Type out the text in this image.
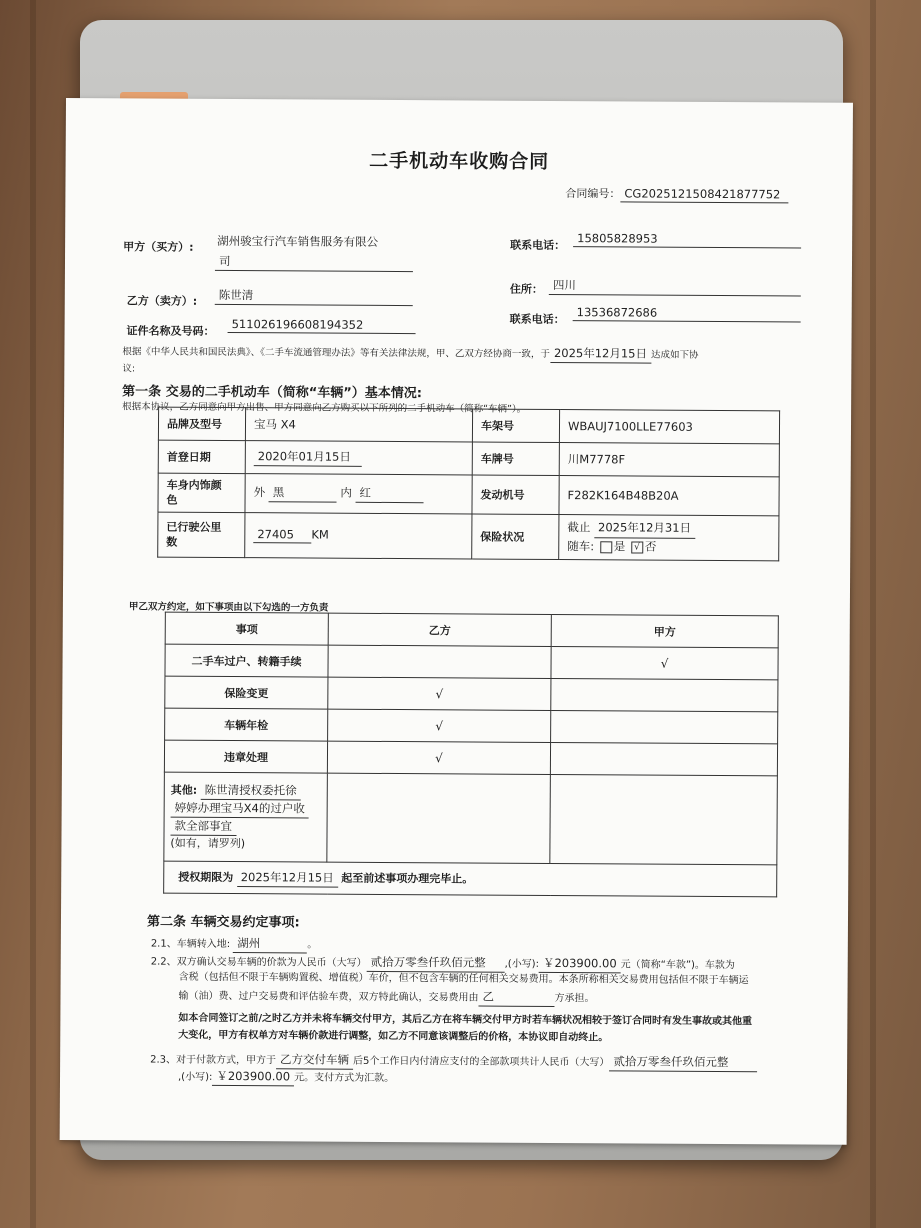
二手机动车收购合同
合同编号： CG2025121508421877752
甲方（买方）: 湖州骏宝行汽车销售服务有限公
司
联系电话：	15805828953
乙方（卖方）:	陈世清	住所： 四川
联系电话：	13536872686
证件名称及号码：	511026196608194352
根据《中华人民共和国民法典》、《二手车流通管理办法》等有关法律法规，甲、乙双方经协商一致，于 2025年12月15日 达成如下协
议:
第一条 交易的二手机动车（简称“车辆”）基本情况:
根据本协议，乙方同意向甲方出售、甲方同意向乙方购买以下所列的二手机动车（简称“车辆”）。
品牌及型号	宝马 X4	车架号	WBAUJ7100LLE77603
首登日期	2020年01月15日	车牌号	川M7778F
车身内饰颜
色	外 黑 内 红	发动机号	F282K164B48B20A
已行驶公里
数	27405 KM	保险状况	截止 2025年12月31日
随车: 是 √ 否
甲乙双方约定，如下事项由以下勾选的一方负责
事项	乙方	甲方
二手车过户、转籍手续		√
保险变更	√	
车辆年检	√	
违章处理	√	
其他: 陈世清授权委托徐
婷婷办理宝马X4的过户收
款全部事宜
(如有，请罗列)		
授权期限为 2025年12月15日 起至前述事项办理完毕止。		
第二条 车辆交易约定事项:
2.1、车辆转入地: 湖州	。
2.2、双方确认交易车辆的价款为人民币（大写） 贰拾万零叁仟玖佰元整 ,(小写): ￥203900.00 元（简称“车款”)。车款为
含税（包括但不限于车辆购置税、增值税）车价，但不包含车辆的任何相关交易费用。本条所称相关交易费用包括但不限于车辆运
输（油）费、过户交易费和评估验车费，双方特此确认，交易费用由 乙	方承担。
如本合同签订之前/之时乙方并未将车辆交付甲方，其后乙方在将车辆交付甲方时若车辆状况相较于签订合同时有发生事故或其他重
大变化，甲方有权单方对车辆价款进行调整，如乙方不同意该调整后的价格，本协议即自动终止。
2.3、对于付款方式，甲方于 乙方交付车辆 后5个工作日内付清应支付的全部款项共计人民币（大写） 贰拾万零叁仟玖佰元整
,(小写): ￥203900.00 元。支付方式为汇款。
